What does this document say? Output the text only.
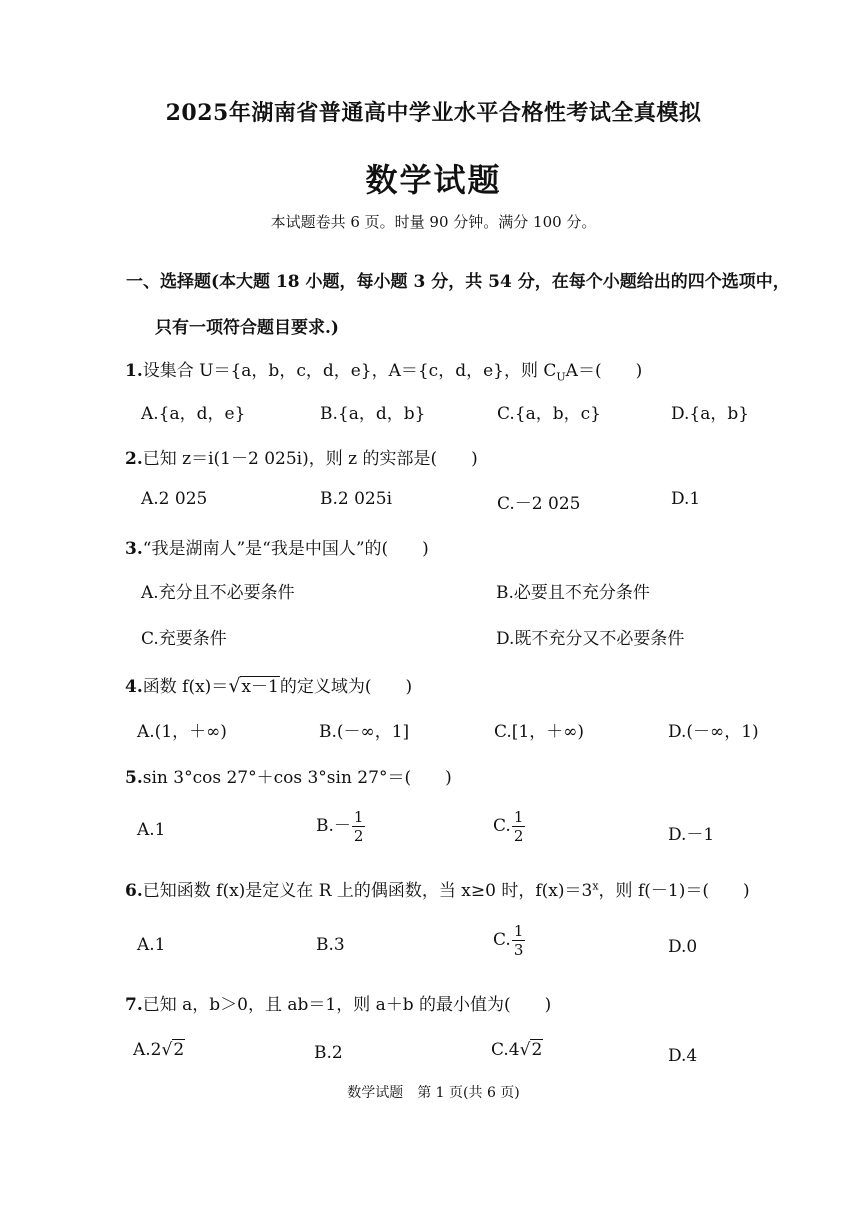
2025年湖南省普通高中学业水平合格性考试全真模拟
数学试题
本试题卷共 6 页。时量 90 分钟。满分 100 分。
一、选择题(本大题 18 小题，每小题 3 分，共 54 分，在每个小题给出的四个选项中，
只有一项符合题目要求.)
1.设集合 U＝{a，b，c，d，e}，A＝{c，d，e}，则 $C_UA=$(　　)
A.{a，d，e}	B.{a，d，b}	C.{a，b，c}	D.{a，b}
2.已知 z＝i(1－2 025i)，则 z 的实部是(　　)
A.2 025	B.2 025i	C.－2 025	D.1
3.“我是湖南人”是“我是中国人”的(　　)
A.充分且不必要条件	B.必要且不充分条件
C.充要条件	D.既不充分又不必要条件
4.函数 f(x)＝√x－1的定义域为(　　)
A.(1，＋∞)	B.(－∞，1]	C.[1，＋∞)	D.(－∞，1)
5.sin 3°cos 27°＋cos 3°sin 27°＝(　　)
A.1	$B.- \frac{1}{2}$	C. $\frac{1}{2}$	D.－1
6.已知函数 f(x)是定义在 R 上的偶函数，当 x≥0 时，$f(x)=3^x$，则 f(－1)＝(　　)
A.1	B.3	C. $\frac{1}{3}$	D.0
7.已知 a，b＞0，且 ab＝1，则 a＋b 的最小值为(　　)
A.2√2	B.2	C.4√2	D.4
数学试题　第 1 页(共 6 页)
